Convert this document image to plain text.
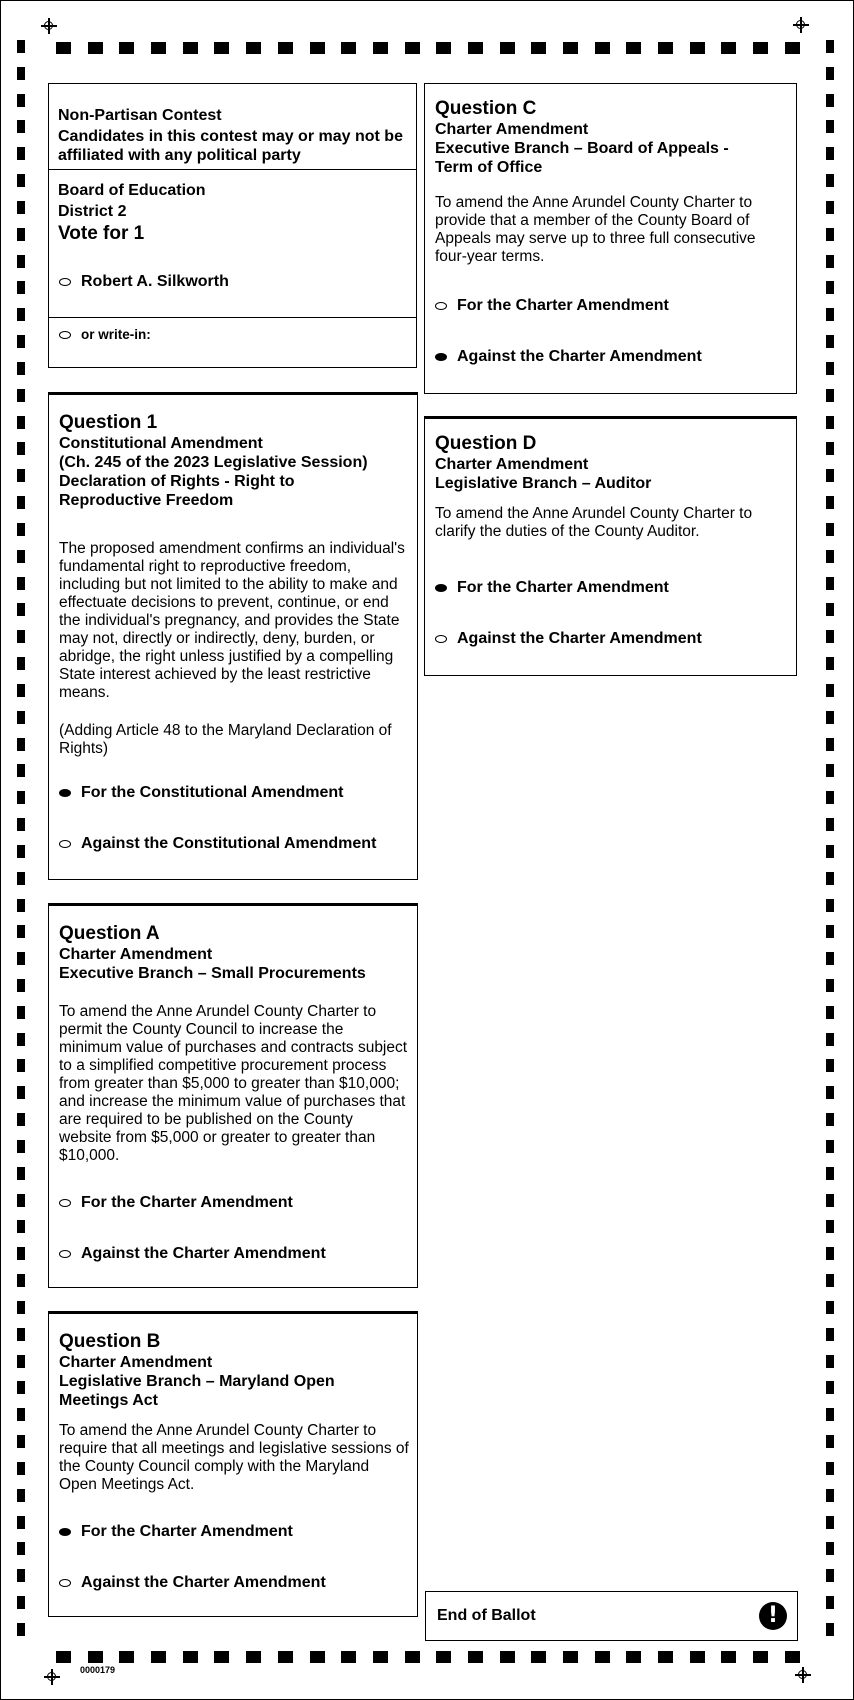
0000179

Non-Partisan Contest

Candidates in this contest may or may not be affiliated with any political party

Board of Education

District 2

Vote for 1

Robert A. Silkworth
or write-in:

Question 1

Constitutional Amendment

(Ch. 245 of the 2023 Legislative Session)

Declaration of Rights - Right to

Reproductive Freedom

The proposed amendment confirms an individual's fundamental right to reproductive freedom, including but not limited to the ability to make and effectuate decisions to prevent, continue, or end the individual's pregnancy, and provides the State may not, directly or indirectly, deny, burden, or abridge, the right unless justified by a compelling State interest achieved by the least restrictive means.

(Adding Article 48 to the Maryland Declaration of Rights)

For the Constitutional Amendment
Against the Constitutional Amendment

Question A

Charter Amendment

Executive Branch – Small Procurements

To amend the Anne Arundel County Charter to permit the County Council to increase the minimum value of purchases and contracts subject to a simplified competitive procurement process from greater than $5,000 to greater than $10,000; and increase the minimum value of purchases that are required to be published on the County website from $5,000 or greater to greater than $10,000.

For the Charter Amendment
Against the Charter Amendment

Question B

Charter Amendment

Legislative Branch – Maryland Open

Meetings Act

To amend the Anne Arundel County Charter to require that all meetings and legislative sessions of the County Council comply with the Maryland Open Meetings Act.

For the Charter Amendment
Against the Charter Amendment

Question C

Charter Amendment

Executive Branch – Board of Appeals -

Term of Office

To amend the Anne Arundel County Charter to provide that a member of the County Board of Appeals may serve up to three full consecutive four-year terms.

For the Charter Amendment
Against the Charter Amendment

Question D

Charter Amendment

Legislative Branch – Auditor

To amend the Anne Arundel County Charter to clarify the duties of the County Auditor.

For the Charter Amendment
Against the Charter Amendment
End of Ballot	!
